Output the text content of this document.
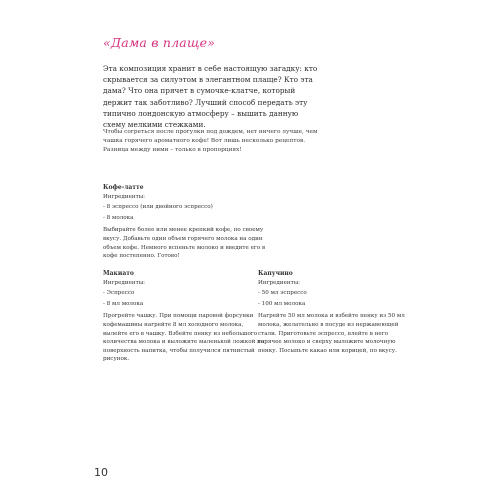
«Дама в плаще»
Эта композиция хранит в себе настоящую загадку: кто скрывается за силуэтом в элегантном плаще? Кто эта дама? Что она прячет в сумочке-клатче, который держит так заботливо? Лучший способ передать эту типично лондонскую атмосферу – вышить данную схему мелкими стежками.
Чтобы согреться после прогулки под дождем, нет ничего лучше, чем чашка горячего ароматного кофе! Вот лишь несколько рецептов. Разница между ними – только в пропорциях!
Кофе-латте
Ингредиенты:
- 8 эспрессо (или двойного эспрессо)
- 8 молока
Выбирайте более или менее крепкий кофе, по своему вкусу. Добавьте один объем горячего молока на один объем кофе. Немного вспеньте молоко и введите его в кофе постепенно. Готово!
Макиато
Ингредиенты:
- Эспрессо
- 8 мл молока
Прогрейте чашку. При помощи паровой форсунки кофемашины нагрейте 8 мл холодного молока, вылейте его в чашку. Взбейте пенку из небольшого количества молока и выложите маленькой ложкой на поверхность напитка, чтобы получился пятнистый рисунок.
Капучино
Ингредиенты:
- 50 мл эспрессо
- 100 мл молока
Нагрейте 50 мл молока и взбейте пенку из 50 мл молока, желательно в посуде из нержавеющей стали. Приготовьте эспрессо, влейте в него горячее молоко и сверху выложите молочную пенку. Посыпьте какао или корицей, по вкусу.
10
